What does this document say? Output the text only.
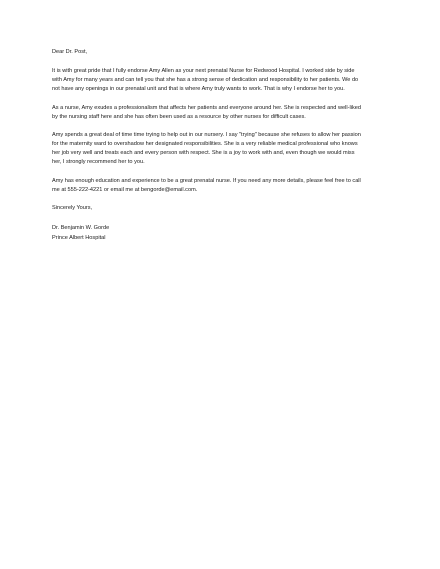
Dear Dr. Post,
It is with great pride that I fully endorse Amy Allen as your next prenatal Nurse for Redwood Hospital. I worked side by side
with Amy for many years and can tell you that she has a strong sense of dedication and responsibility to her patients. We do
not have any openings in our prenatal unit and that is where Amy truly wants to work. That is why I endorse her to you.
As a nurse, Amy exudes a professionalism that affects her patients and everyone around her. She is respected and well-liked
by the nursing staff here and she has often been used as a resource by other nurses for difficult cases.
Amy spends a great deal of time time trying to help out in our nursery. I say "trying" because she refuses to allow her passion
for the maternity ward to overshadow her designated responsibilities. She is a very reliable medical professional who knows
her job very well and treats each and every person with respect. She is a joy to work with and, even though we would miss
her, I strongly recommend her to you.
Amy has enough education and experience to be a great prenatal nurse. If you need any more details, please feel free to call
me at 555-222-4221 or email me at bengorde@email.com.
Sincerely Yours,
Dr. Benjamin W. Gorde
Prince Albert Hospital
